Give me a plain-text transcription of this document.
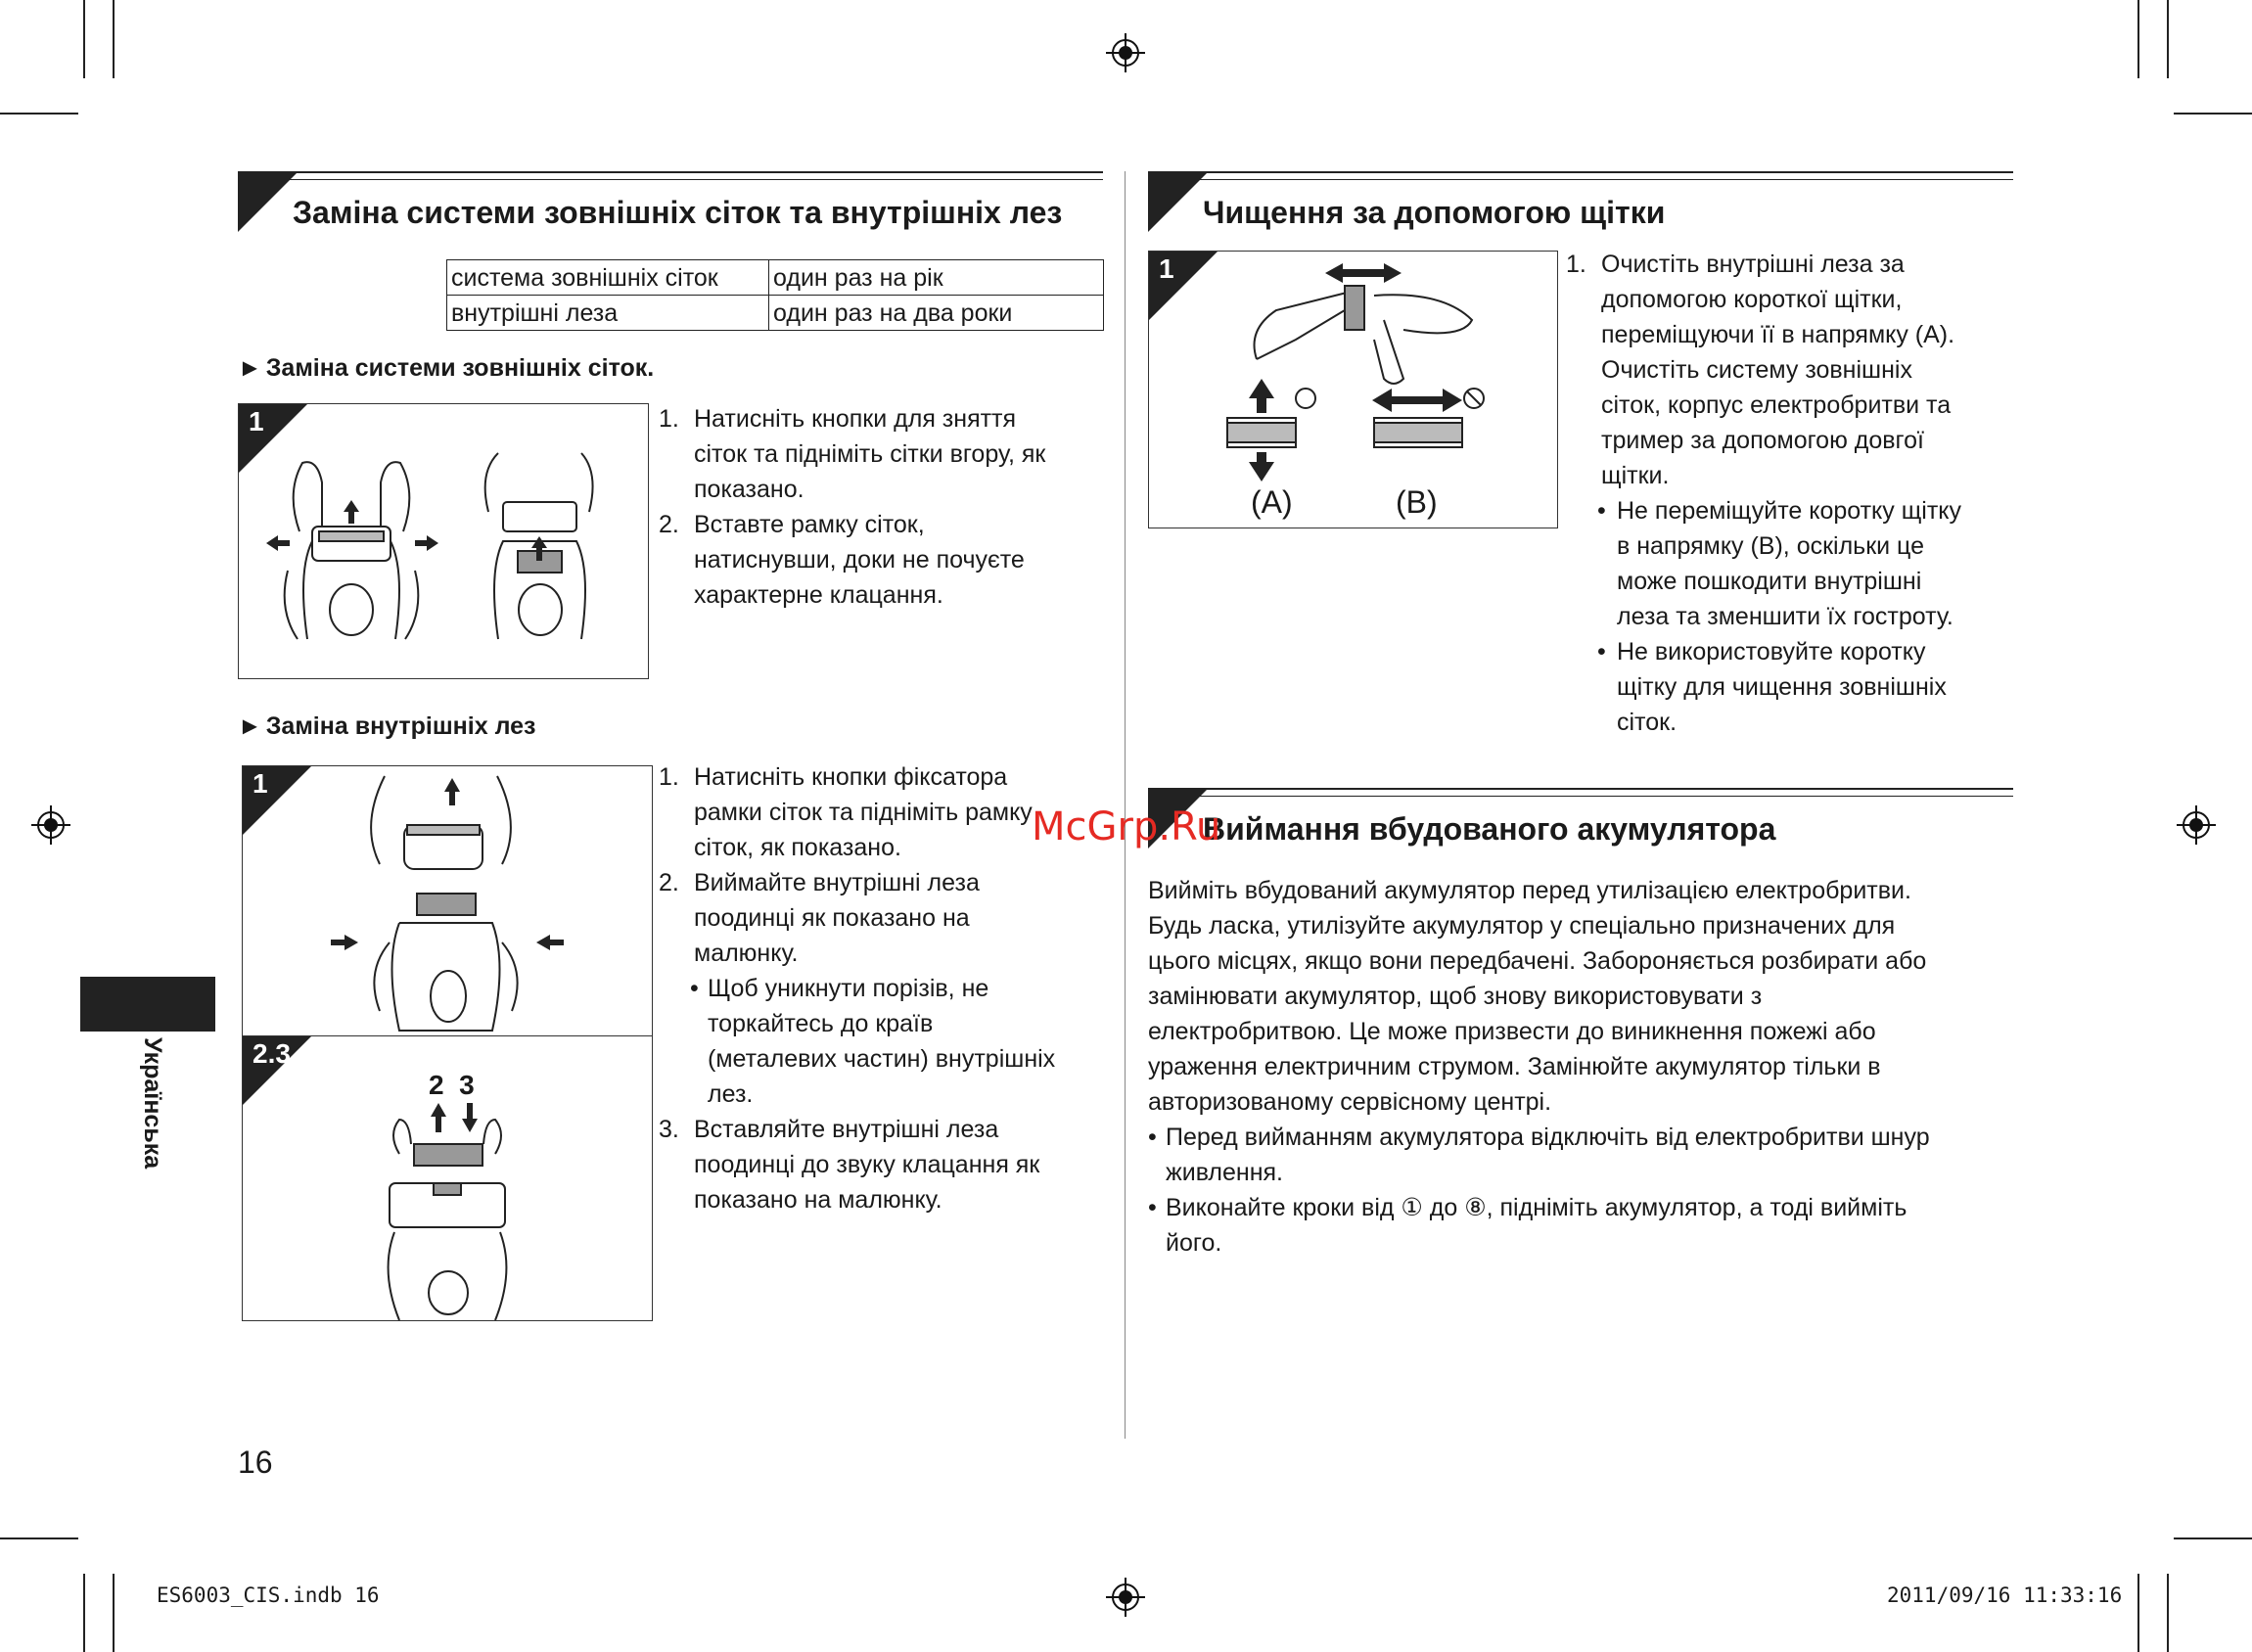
Заміна системи зовнішніх сіток та внутрішніх лез
система зовнішніх сіток	один раз на рік
внутрішні леза	один раз на два роки
► Заміна системи зовнішніх сіток.
1	1. Натисніть кнопки для зняття
сіток та підніміть сітки вгору, як
показано.
2. Вставте рамку сіток,
натиснувши, доки не почуєте
характерне клацання.
► Заміна внутрішніх лез
1
2.3
2  3
1. Натисніть кнопки фіксатора
рамки сіток та підніміть рамку
сіток, як показано.
2. Виймайте внутрішні леза
поодинці як показано на
малюнку.
• Щоб уникнути порізів, не
торкайтесь до країв
(металевих частин) внутрішніх
лез.
3. Вставляйте внутрішні леза
поодинці до звуку клацання як
показано на малюнку.
Українська
16
Чищення за допомогою щітки
1
(A)	(B)
1. Очистіть внутрішні леза за
допомогою короткої щітки,
переміщуючи її в напрямку (A).
Очистіть систему зовнішніх
сіток, корпус електробритви та
тример за допомогою довгої
щітки.
• Не переміщуйте коротку щітку
в напрямку (B), оскільки це
може пошкодити внутрішні
леза та зменшити їх гостроту.
• Не використовуйте коротку
щітку для чищення зовнішніх
сіток.
Виймання вбудованого акумулятора
Вийміть вбудований акумулятор перед утилізацією електробритви.
Будь ласка, утилізуйте акумулятор у спеціально призначених для
цього місцях, якщо вони передбачені. Забороняється розбирати або
замінювати акумулятор, щоб знову використовувати з
електробритвою. Це може призвести до виникнення пожежі або
ураження електричним струмом. Замінюйте акумулятор тільки в
авторизованому сервісному центрі.
• Перед вийманням акумулятора відключіть від електробритви шнур
живлення.
• Виконайте кроки від ① до ⑧, підніміть акумулятор, а тоді вийміть
його.
McGrp.Ru
ES6003_CIS.indb 16	2011/09/16 11:33:16
